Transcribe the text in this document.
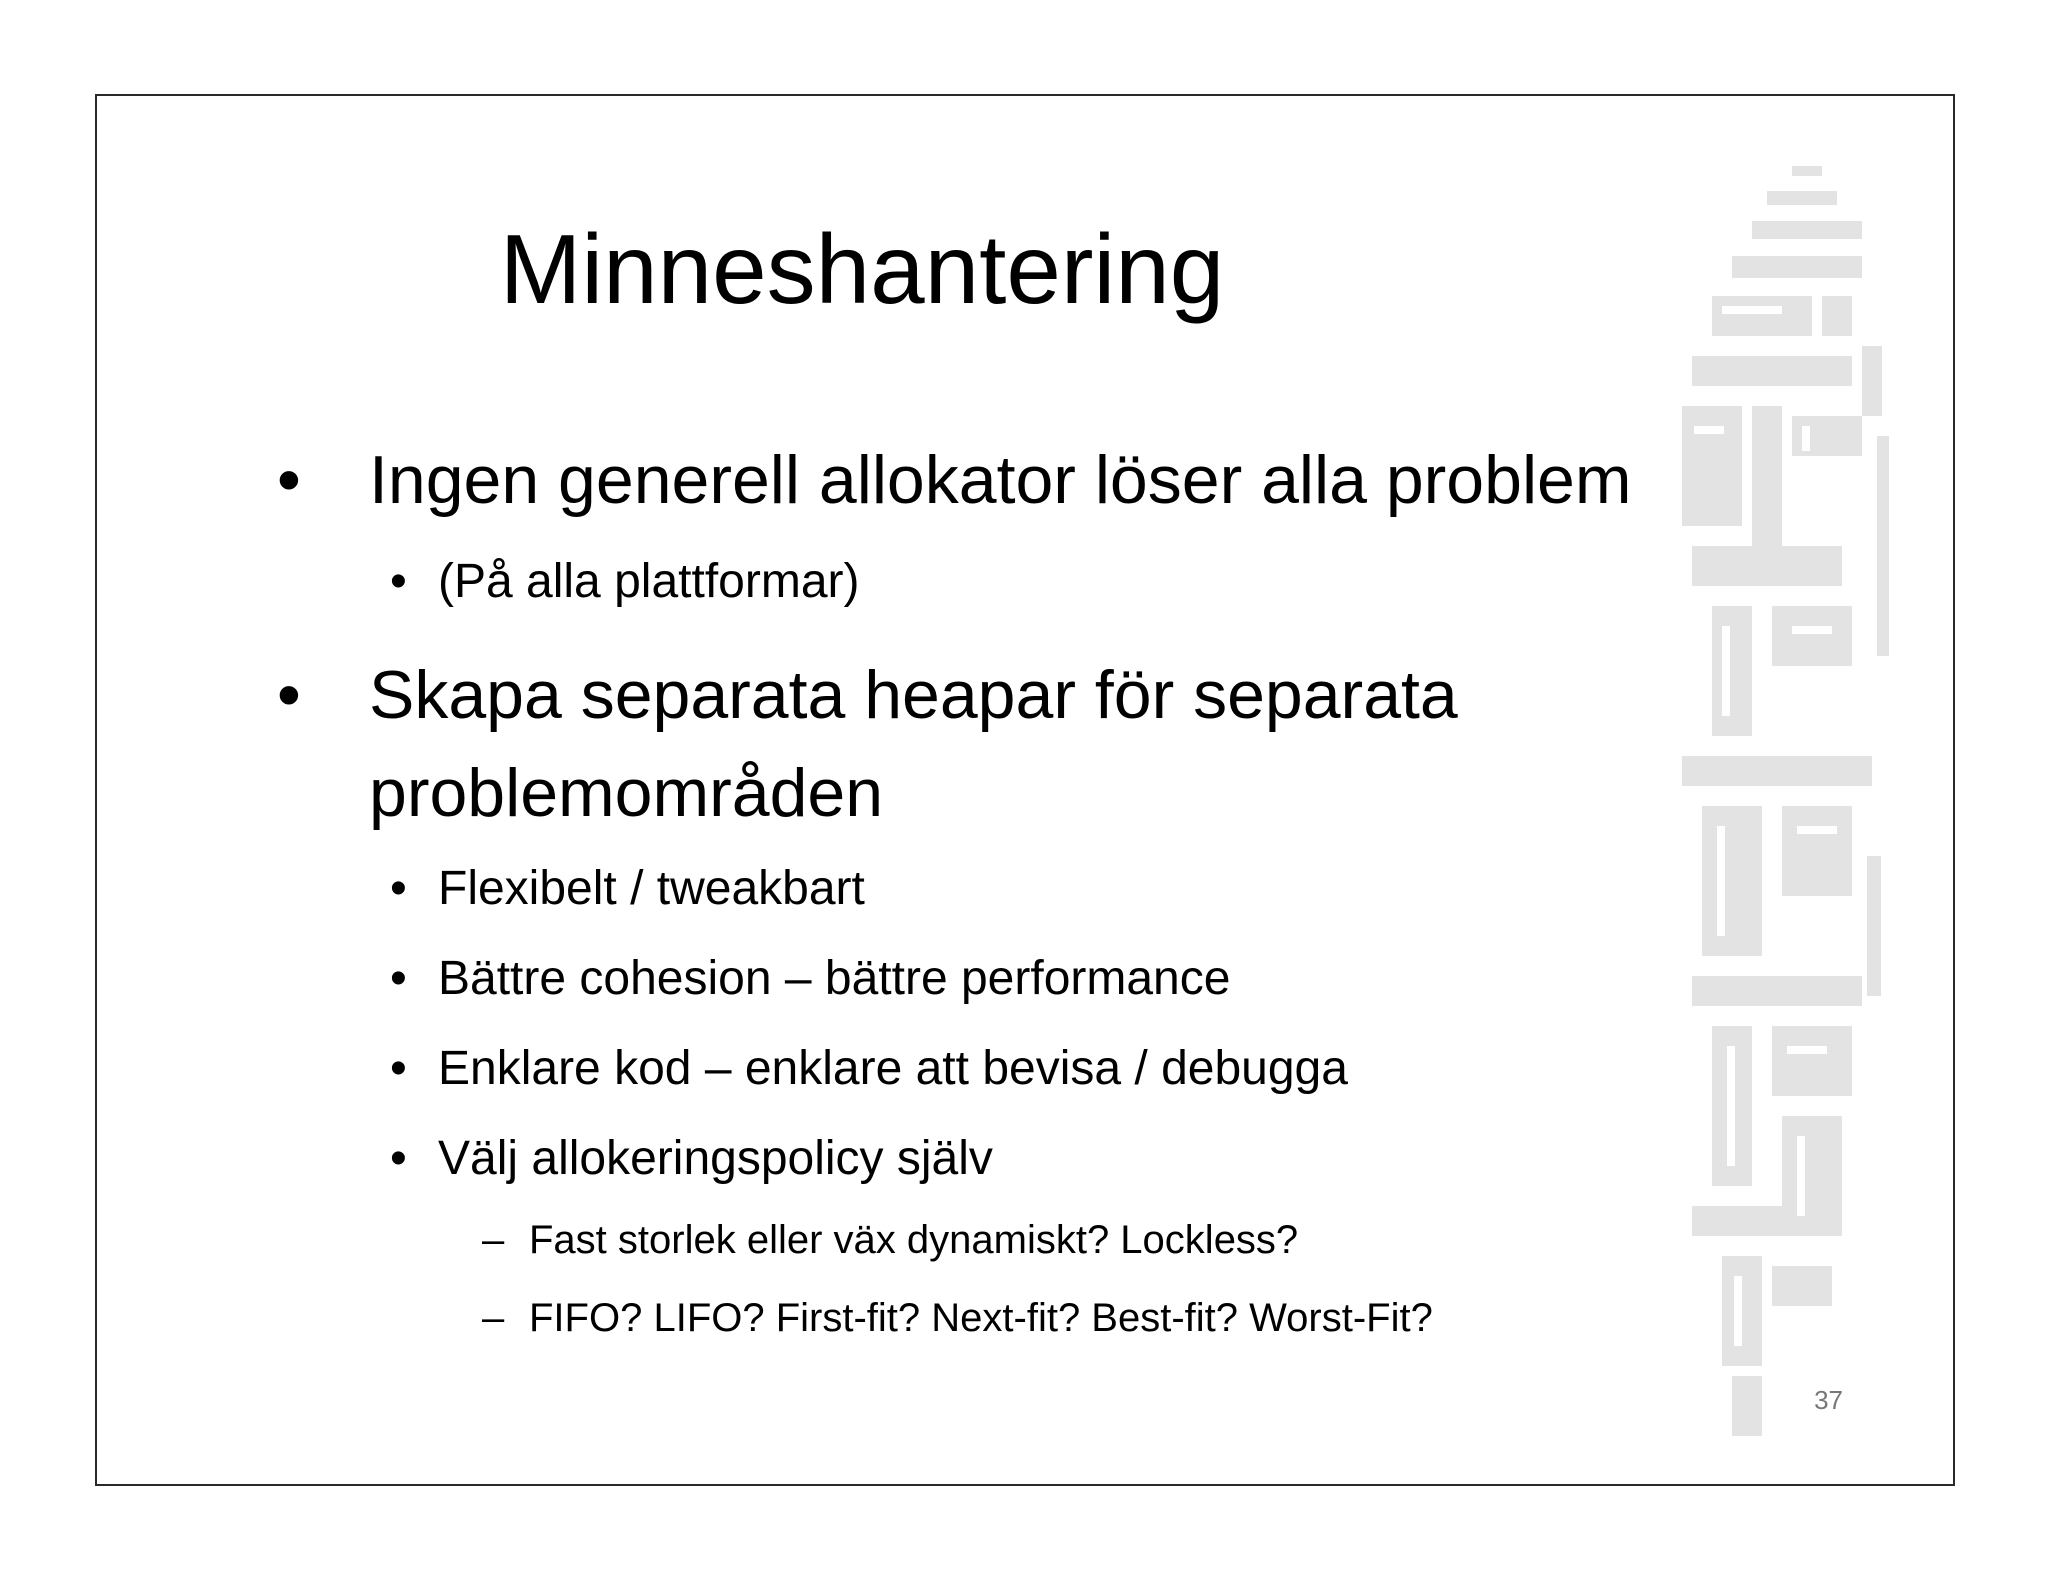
Minneshantering

• Ingen generell allokator löser alla problem

• (På alla plattformar)

• Skapa separata heapar för separata problemområden

• Flexibelt / tweakbart

• Bättre cohesion – bättre performance

• Enklare kod – enklare att bevisa / debugga

• Välj allokeringspolicy själv

– Fast storlek eller väx dynamiskt? Lockless?

– FIFO? LIFO? First-fit? Next-fit? Best-fit? Worst-Fit?

37
